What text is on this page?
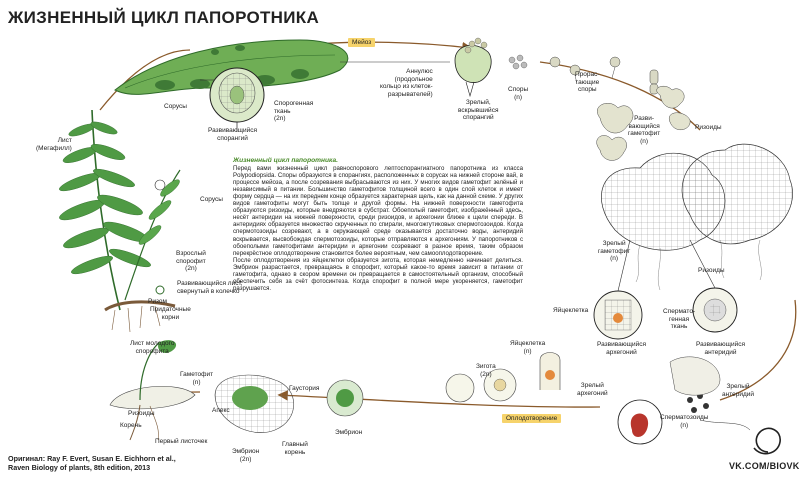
ЖИЗНЕННЫЙ ЦИКЛ ПАПОРОТНИКА
Мейоз
Оплодотворение
Лист
(Мегафилл)
Сорусы	Спорогенная
ткань
(2n)
Развивающийся
спорангий
Аннулюс
(продольное
кольцо из клеток-
разрывателей)
Зрелый,
вскрывшийся
спорангий
Споры
(n)
Прорас-
тающие
споры
Разви-
вающийся
гаметофит
(n)
Ризоиды
Сорусы
Взрослый
спорофит
(2n)
Развивающийся лист,
свернутый в колечко
Ризом
Придаточные
корни
Зрелый
гаметофит
(n)
Ризоиды
Яйцеклетка	Сперматo-
генная
ткань
Развивающийся
архегоний
Развивающийся
антеридий
Лист молодого
спорофита
Гаметофит
(n)
Ризоиды
Корень
Апекс
Первый листочек
Эмбрион
(2n)
Главный
корень
Гаустория
Эмбрион
Яйцеклетка
(n)
Зигота
(2n)
Зрелый
архегоний
Зрелый
антеридий
Сперматозоиды
(n)
Жизненный цикл папоротника.

Перед вами жизненный цикл равноспорового лептоспорангиатного папоротника из класса Polypodiopsida. Споры образуются в спорангиях, расположенных в сорусах на нижней стороне вай, в процессе мейоза, а после созревания выбрасываются из них. У многих видов гаметофит зелёный и независимый в питании. Большинство гаметофитов толщиной всего в один слой клеток и имеет форму сердца — на их переднем конце образуется характерная щель, как на данной схеме. У других видов гаметофиты могут быть толще и другой формы. На нижней поверхности гаметофита образуются ризоиды, которые внедряются в субстрат. Обоеполый гаметофит, изображённый здесь, несёт антеридии на нижней поверхности, среди ризоидов, и архегонии ближе к щели спереди. В антеридиях образуется множество скрученных по спирали, многожгутиковых спермотозоидов. Когда спермотозоиды созревают, а в окружающей среде оказывается достаточно воды, антеридий вскрывается, высвобождая спермотозоиды, которые отправляются к архегониям. У папоротников с обоеполыми гаметофитами антеридии и архегонии созревают в разное время, таким образом перекрёстное оплодотворение становится более вероятным, чем самооплодотворение.
После оплодотворения из яйцеклетки образуется зигота, которая немедленно начинает делиться. Эмбрион разрастается, превращаясь в спорофит, который какое-то время зависит в питании от гаметофита, однако в скором времени он превращается в самостоятельный организм, способный обеспечить себя за счёт фотосинтеза. Когда спорофит в полной мере укореняется, гаметофит разрушается.

Оригинал: Ray F. Evert, Susan E. Eichhorn et al.,
Raven Biology of plants, 8th edition, 2013	VK.COM/BIOVK
